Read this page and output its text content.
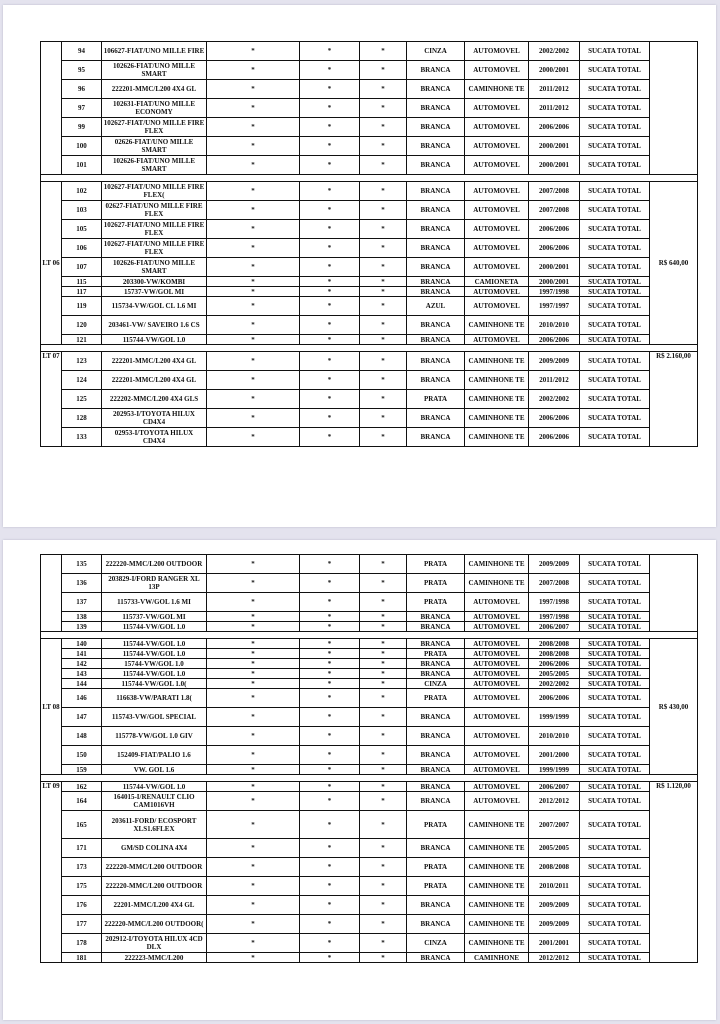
	94	106627-FIAT/UNO MILLE FIRE	*	*	*	CINZA	AUTOMOVEL	2002/2002	SUCATA TOTAL	
	95	102626-FIAT/UNO MILLE SMART	*	*	*	BRANCA	AUTOMOVEL	2000/2001	SUCATA TOTAL	
	96	222201-MMC/L200 4X4 GL	*	*	*	BRANCA	CAMINHONE TE	2011/2012	SUCATA TOTAL	
	97	102631-FIAT/UNO MILLE ECONOMY	*	*	*	BRANCA	AUTOMOVEL	2011/2012	SUCATA TOTAL	
	99	102627-FIAT/UNO MILLE FIRE FLEX	*	*	*	BRANCA	AUTOMOVEL	2006/2006	SUCATA TOTAL	
	100	02626-FIAT/UNO MILLE SMART	*	*	*	BRANCA	AUTOMOVEL	2000/2001	SUCATA TOTAL	
	101	102626-FIAT/UNO MILLE SMART	*	*	*	BRANCA	AUTOMOVEL	2000/2001	SUCATA TOTAL	

LT 06	102	102627-FIAT/UNO MILLE FIRE FLEX(	*	*	*	BRANCA	AUTOMOVEL	2007/2008	SUCATA TOTAL	R$ 640,00
	103	02627-FIAT/UNO MILLE FIRE FLEX	*	*	*	BRANCA	AUTOMOVEL	2007/2008	SUCATA TOTAL	
	105	102627-FIAT/UNO MILLE FIRE FLEX	*	*	*	BRANCA	AUTOMOVEL	2006/2006	SUCATA TOTAL	
	106	102627-FIAT/UNO MILLE FIRE FLEX	*	*	*	BRANCA	AUTOMOVEL	2006/2006	SUCATA TOTAL	
	107	102626-FIAT/UNO MILLE SMART	*	*	*	BRANCA	AUTOMOVEL	2000/2001	SUCATA TOTAL	
	115	203300-VW/KOMBI	*	*	*	BRANCA	CAMIONETA	2000/2001	SUCATA TOTAL	
	117	15737-VW/GOL MI	*	*	*	BRANCA	AUTOMOVEL	1997/1998	SUCATA TOTAL	
	119	115734-VW/GOL CL 1.6 MI	*	*	*	AZUL	AUTOMOVEL	1997/1997	SUCATA TOTAL	
	120	203461-VW/ SAVEIRO 1.6 CS	*	*	*	BRANCA	CAMINHONE TE	2010/2010	SUCATA TOTAL	
	121	115744-VW/GOL 1.0	*	*	*	BRANCA	AUTOMOVEL	2006/2006	SUCATA TOTAL	

LT 07	123	222201-MMC/L200 4X4 GL	*	*	*	BRANCA	CAMINHONE TE	2009/2009	SUCATA TOTAL	R$ 2.160,00
	124	222201-MMC/L200 4X4 GL	*	*	*	BRANCA	CAMINHONE TE	2011/2012	SUCATA TOTAL	
	125	222202-MMC/L200 4X4 GLS	*	*	*	PRATA	CAMINHONE TE	2002/2002	SUCATA TOTAL	
	128	202953-I/TOYOTA HILUX CD4X4	*	*	*	BRANCA	CAMINHONE TE	2006/2006	SUCATA TOTAL	
	133	02953-I/TOYOTA HILUX CD4X4	*	*	*	BRANCA	CAMINHONE TE	2006/2006	SUCATA TOTAL	
	135	222220-MMC/L200 OUTDOOR	*	*	*	PRATA	CAMINHONE TE	2009/2009	SUCATA TOTAL	
	136	203829-I/FORD RANGER XL 13P	*	*	*	PRATA	CAMINHONE TE	2007/2008	SUCATA TOTAL	
	137	115733-VW/GOL 1.6 MI	*	*	*	PRATA	AUTOMOVEL	1997/1998	SUCATA TOTAL	
	138	115737-VW/GOL MI	*	*	*	BRANCA	AUTOMOVEL	1997/1998	SUCATA TOTAL	
	139	115744-VW/GOL 1.0	*	*	*	BRANCA	AUTOMOVEL	2006/2007	SUCATA TOTAL	

LT 08	140	115744-VW/GOL 1.0	*	*	*	BRANCA	AUTOMOVEL	2008/2008	SUCATA TOTAL	R$ 430,00
	141	115744-VW/GOL 1.0	*	*	*	PRATA	AUTOMOVEL	2008/2008	SUCATA TOTAL	
	142	15744-VW/GOL 1.0	*	*	*	BRANCA	AUTOMOVEL	2006/2006	SUCATA TOTAL	
	143	115744-VW/GOL 1.0	*	*	*	BRANCA	AUTOMOVEL	2005/2005	SUCATA TOTAL	
	144	115744-VW/GOL 1.0(	*	*	*	CINZA	AUTOMOVEL	2002/2002	SUCATA TOTAL	
	146	116638-VW/PARATI 1.8(	*	*	*	PRATA	AUTOMOVEL	2006/2006	SUCATA TOTAL	
	147	115743-VW/GOL SPECIAL	*	*	*	BRANCA	AUTOMOVEL	1999/1999	SUCATA TOTAL	
	148	115778-VW/GOL 1.0 GIV	*	*	*	BRANCA	AUTOMOVEL	2010/2010	SUCATA TOTAL	
	150	152409-FIAT/PALIO 1.6	*	*	*	BRANCA	AUTOMOVEL	2001/2000	SUCATA TOTAL	
	159	VW. GOL 1.6	*	*	*	BRANCA	AUTOMOVEL	1999/1999	SUCATA TOTAL	

LT 09	162	115744-VW/GOL 1.0	*	*	*	BRANCA	AUTOMOVEL	2006/2007	SUCATA TOTAL	R$ 1.120,00
	164	164015-I/RENAULT CLIO CAM1016VH	*	*	*	BRANCA	AUTOMOVEL	2012/2012	SUCATA TOTAL	
	165	203611-FORD/ ECOSPORT XLS1.6FLEX	*	*	*	PRATA	CAMINHONE TE	2007/2007	SUCATA TOTAL	
	171	GM/SD COLINA 4X4	*	*	*	BRANCA	CAMINHONE TE	2005/2005	SUCATA TOTAL	
	173	222220-MMC/L200 OUTDOOR	*	*	*	PRATA	CAMINHONE TE	2008/2008	SUCATA TOTAL	
	175	222220-MMC/L200 OUTDOOR	*	*	*	PRATA	CAMINHONE TE	2010/2011	SUCATA TOTAL	
	176	22201-MMC/L200 4X4 GL	*	*	*	BRANCA	CAMINHONE TE	2009/2009	SUCATA TOTAL	
	177	222220-MMC/L200 OUTDOOR(	*	*	*	BRANCA	CAMINHONE TE	2009/2009	SUCATA TOTAL	
	178	202912-I/TOYOTA HILUX 4CD DLX	*	*	*	CINZA	CAMINHONE TE	2001/2001	SUCATA TOTAL	
	181	222223-MMC/L200	*	*	*	BRANCA	CAMINHONE	2012/2012	SUCATA TOTAL	
